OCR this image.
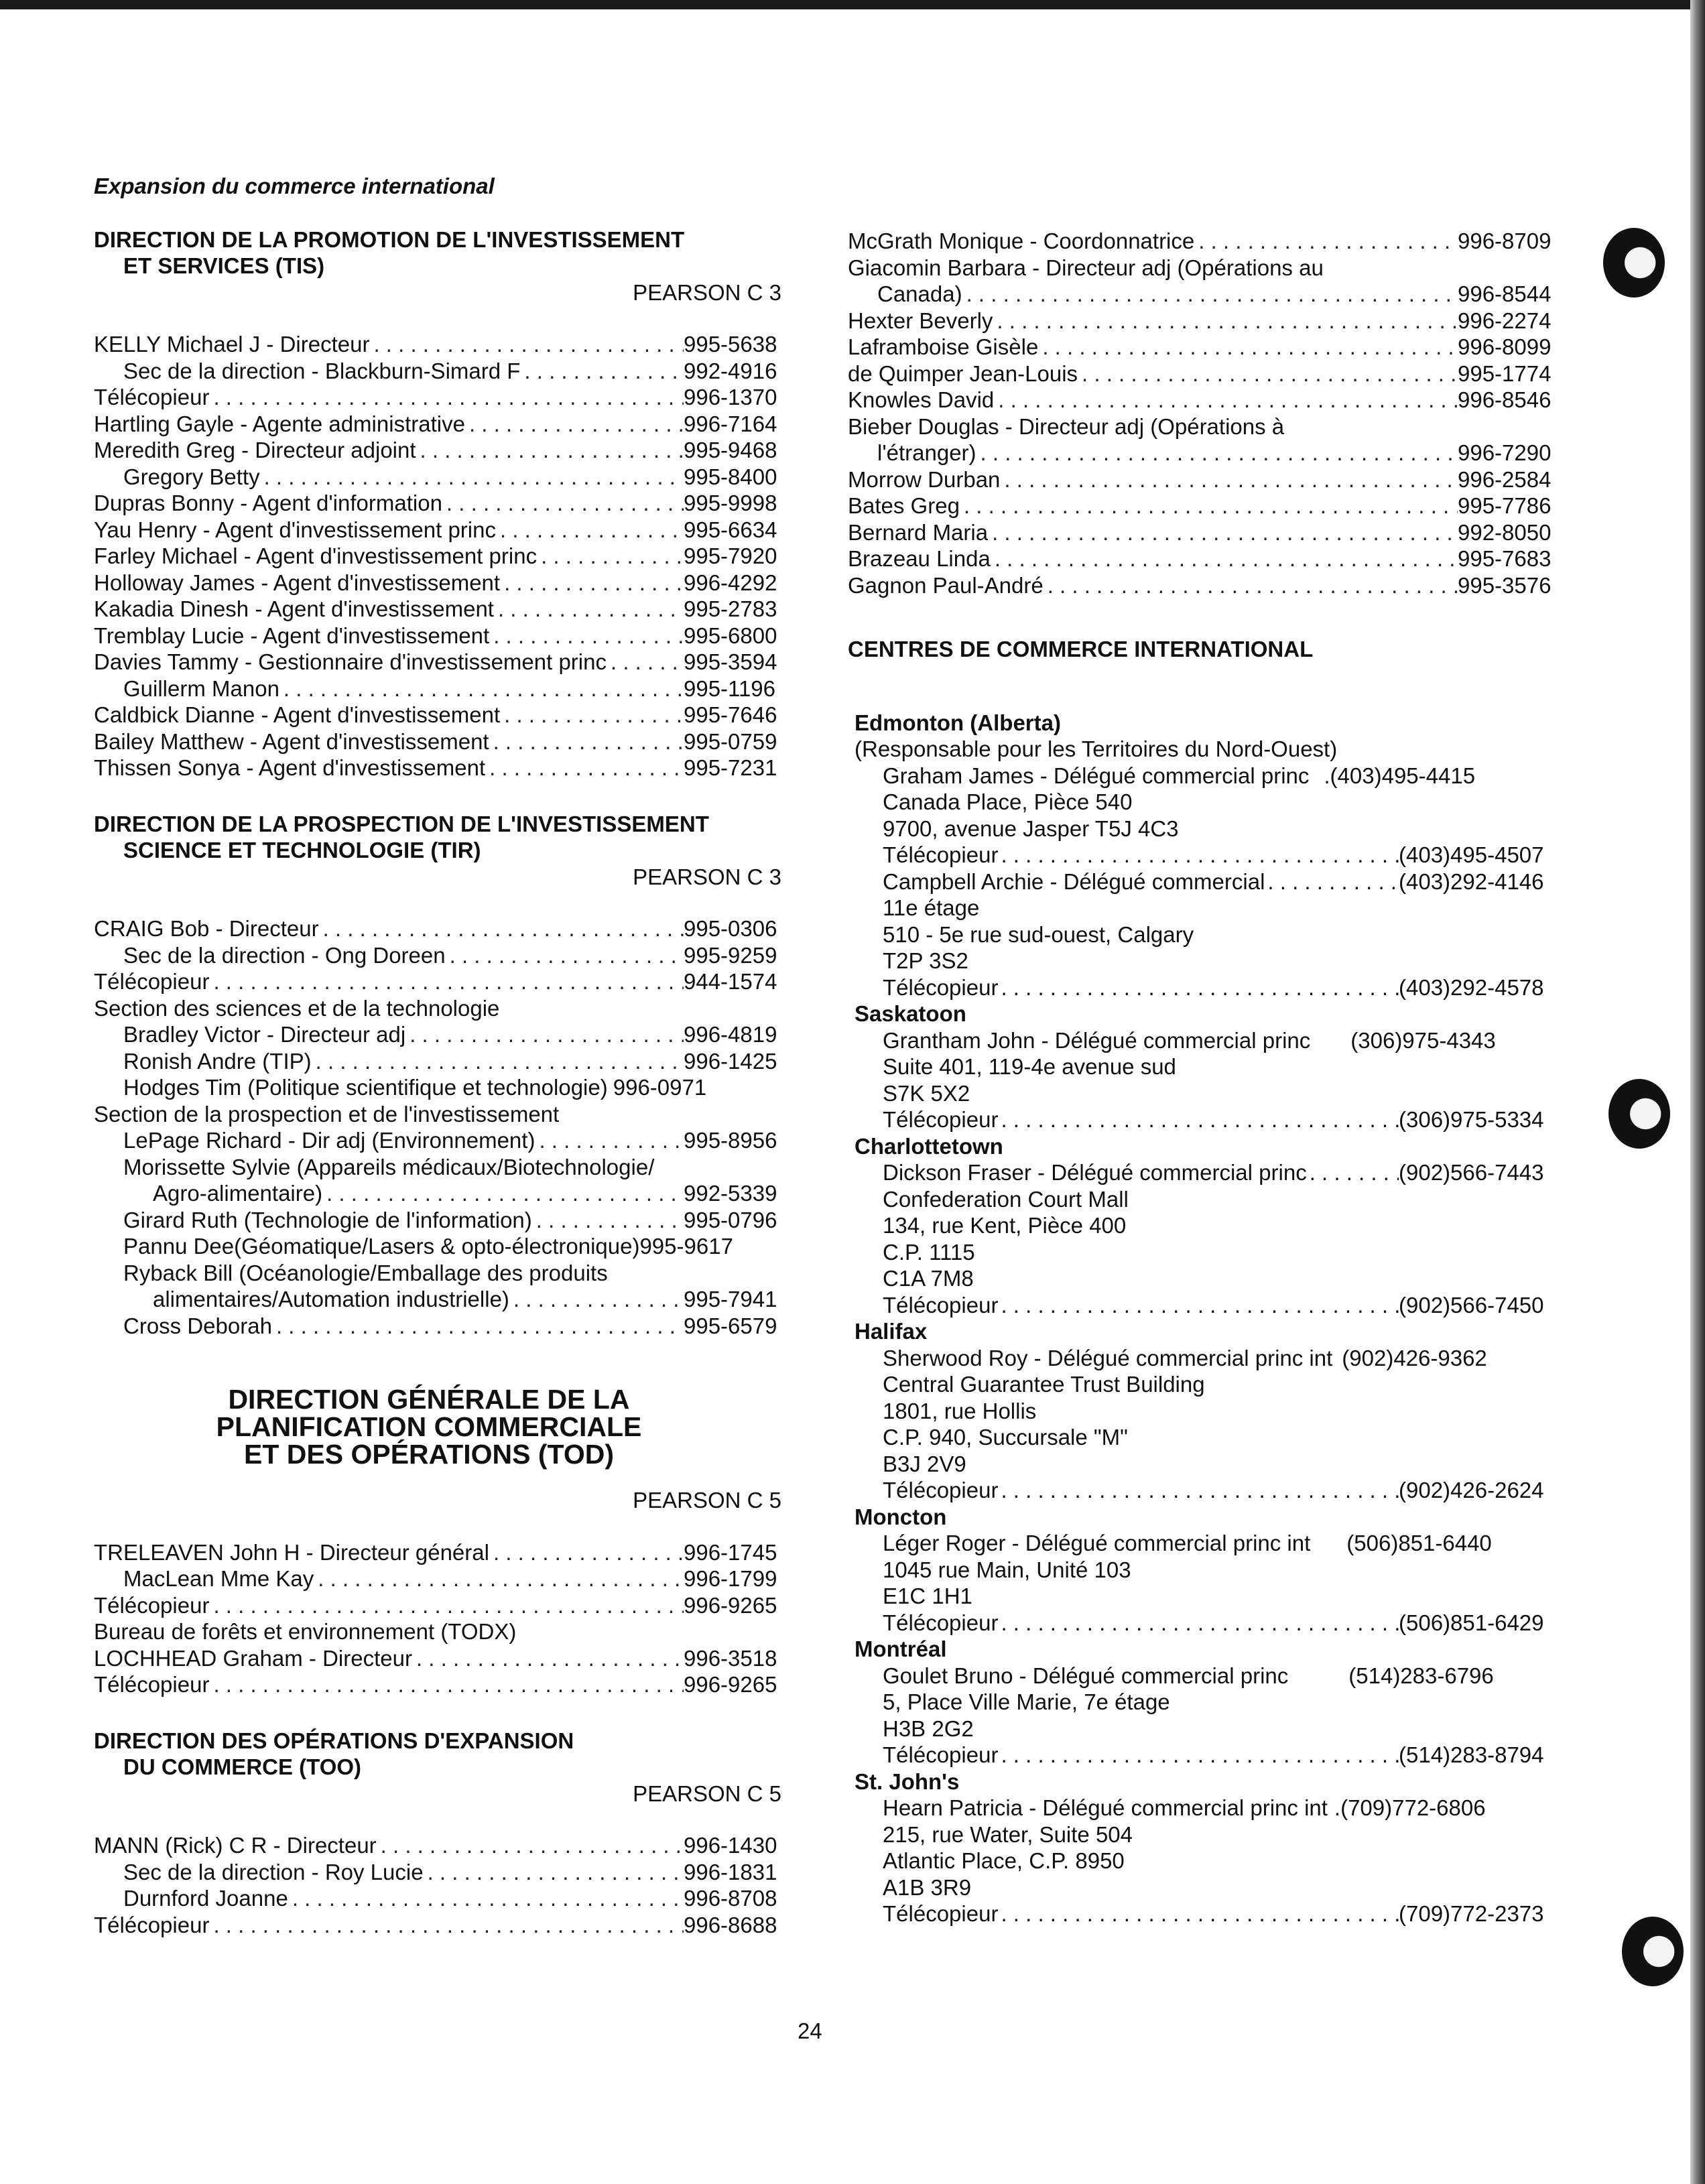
Expansion du commerce international
DIRECTION DE LA PROMOTION DE L'INVESTISSEMENT
ET SERVICES (TIS)
PEARSON C 3
KELLY Michael J - Directeur . . .	995-5638
Sec de la direction - Blackburn-Simard F . . .	992-4916
Télécopieur . . .	996-1370
Hartling Gayle - Agente administrative . . .	996-7164
Meredith Greg - Directeur adjoint . . .	995-9468
Gregory Betty . . .	995-8400
Dupras Bonny - Agent d'information . . .	995-9998
Yau Henry - Agent d'investissement princ . . .	995-6634
Farley Michael - Agent d'investissement princ . . .	995-7920
Holloway James - Agent d'investissement . . .	996-4292
Kakadia Dinesh - Agent d'investissement . . .	995-2783
Tremblay Lucie - Agent d'investissement . . .	995-6800
Davies Tammy - Gestionnaire d'investissement princ . . .	995-3594
Guillerm Manon . . .	995-1196
Caldbick Dianne - Agent d'investissement . . .	995-7646
Bailey Matthew - Agent d'investissement . . .	995-0759
Thissen Sonya - Agent d'investissement . . .	995-7231
DIRECTION DE LA PROSPECTION DE L'INVESTISSEMENT
SCIENCE ET TECHNOLOGIE (TIR)
PEARSON C 3
CRAIG Bob - Directeur . . .	995-0306
Sec de la direction - Ong Doreen . . .	995-9259
Télécopieur . . .	944-1574
Section des sciences et de la technologie
Bradley Victor - Directeur adj . . .	996-4819
Ronish Andre (TIP) . . .	996-1425
Hodges Tim (Politique scientifique et technologie) 996-0971
Section de la prospection et de l'investissement
LePage Richard - Dir adj (Environnement) . . .	995-8956
Morissette Sylvie (Appareils médicaux/Biotechnologie/
Agro-alimentaire) . . .	992-5339
Girard Ruth (Technologie de l'information) . . .	995-0796
Pannu Dee(Géomatique/Lasers & opto-électronique)995-9617
Ryback Bill (Océanologie/Emballage des produits
alimentaires/Automation industrielle) . . .	995-7941
Cross Deborah . . .	995-6579
DIRECTION GÉNÉRALE DE LA
PLANIFICATION COMMERCIALE
ET DES OPÉRATIONS (TOD)
PEARSON C 5
TRELEAVEN John H - Directeur général . . .	996-1745
MacLean Mme Kay . . .	996-1799
Télécopieur . . .	996-9265
Bureau de forêts et environnement (TODX)
LOCHHEAD Graham - Directeur . . .	996-3518
Télécopieur . . .	996-9265
DIRECTION DES OPÉRATIONS D'EXPANSION
DU COMMERCE (TOO)
PEARSON C 5
MANN (Rick) C R - Directeur . . .	996-1430
Sec de la direction - Roy Lucie . . .	996-1831
Durnford Joanne . . .	996-8708
Télécopieur . . .	996-8688
McGrath Monique - Coordonnatrice . . .	996-8709
Giacomin Barbara - Directeur adj (Opérations au
Canada) . . .	996-8544
Hexter Beverly . . .	996-2274
Laframboise Gisèle . . .	996-8099
de Quimper Jean-Louis . . .	995-1774
Knowles David . . .	996-8546
Bieber Douglas - Directeur adj (Opérations à
l'étranger) . . .	996-7290
Morrow Durban . . .	996-2584
Bates Greg . . .	995-7786
Bernard Maria . . .	992-8050
Brazeau Linda . . .	995-7683
Gagnon Paul-André . . .	995-3576
CENTRES DE COMMERCE INTERNATIONAL
Edmonton (Alberta)
(Responsable pour les Territoires du Nord-Ouest)
Graham James - Délégué commercial princ .(403)495-4415
Canada Place, Pièce 540
9700, avenue Jasper T5J 4C3
Télécopieur . . .	(403)495-4507
Campbell Archie - Délégué commercial . . .	(403)292-4146
11e étage
510 - 5e rue sud-ouest, Calgary
T2P 3S2
Télécopieur . . .	(403)292-4578
Saskatoon
Grantham John - Délégué commercial princ	(306)975-4343
Suite 401, 119-4e avenue sud
S7K 5X2
Télécopieur . . .	(306)975-5334
Charlottetown
Dickson Fraser - Délégué commercial princ . . .	(902)566-7443
Confederation Court Mall
134, rue Kent, Pièce 400
C.P. 1115
C1A 7M8
Télécopieur . . .	(902)566-7450
Halifax
Sherwood Roy - Délégué commercial princ int (902)426-9362
Central Guarantee Trust Building
1801, rue Hollis
C.P. 940, Succursale "M"
B3J 2V9
Télécopieur . . .	(902)426-2624
Moncton
Léger Roger - Délégué commercial princ int	(506)851-6440
1045 rue Main, Unité 103
E1C 1H1
Télécopieur . . .	(506)851-6429
Montréal
Goulet Bruno - Délégué commercial princ	(514)283-6796
5, Place Ville Marie, 7e étage
H3B 2G2
Télécopieur . . .	(514)283-8794
St. John's
Hearn Patricia - Délégué commercial princ int .(709)772-6806
215, rue Water, Suite 504
Atlantic Place, C.P. 8950
A1B 3R9
Télécopieur . . .	(709)772-2373
24
